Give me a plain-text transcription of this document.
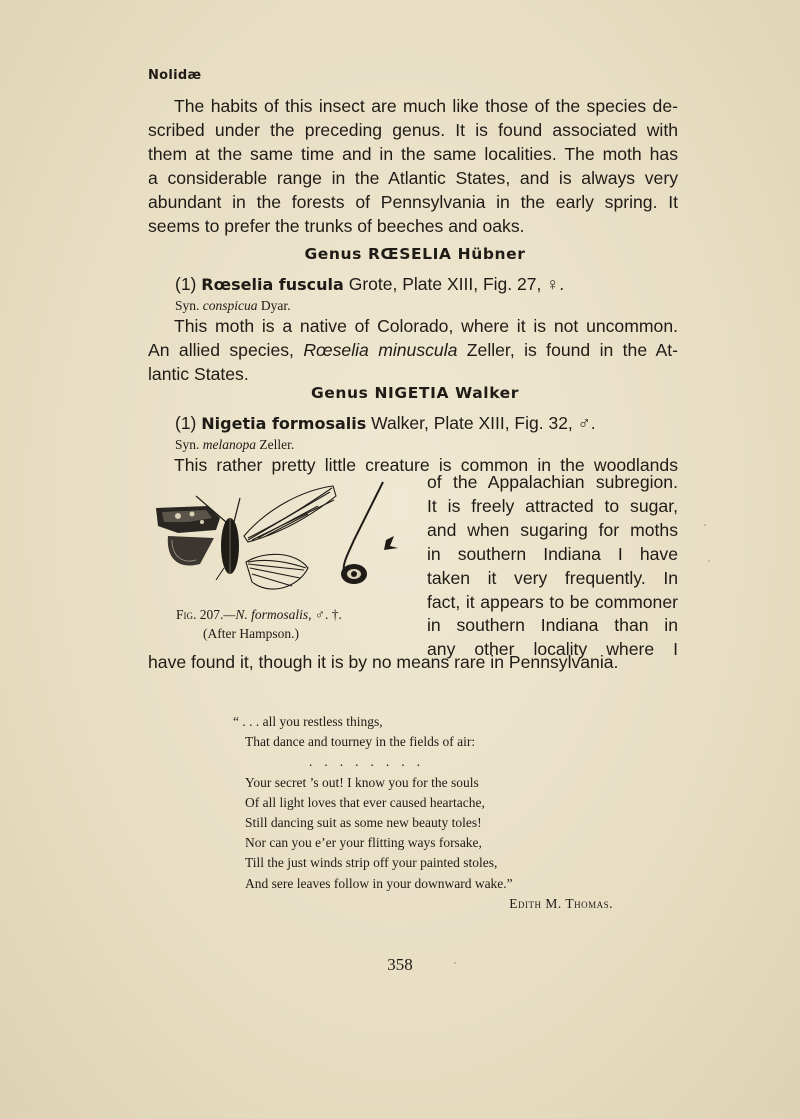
Nolidæ
The habits of this insect are much like those of the species de-
scribed under the preceding genus. It is found associated with
them at the same time and in the same localities. The moth has
a considerable range in the Atlantic States, and is always very
abundant in the forests of Pennsylvania in the early spring. It
seems to prefer the trunks of beeches and oaks.
Genus RŒSELIA Hübner
(1) Rœselia fuscula Grote, Plate XIII, Fig. 27, ♀.
Syn. conspicua Dyar.
This moth is a native of Colorado, where it is not uncommon.
An allied species, Rœselia minuscula Zeller, is found in the At-
lantic States.
Genus NIGETIA Walker
(1) Nigetia formosalis Walker, Plate XIII, Fig. 32, ♂.
Syn. melanopa Zeller.
This rather pretty little creature is common in the woodlands
Fig. 207.—N. formosalis, ♂. †.
(After Hampson.)
of the Appalachian subregion.
It is freely attracted to sugar,
and when sugaring for moths
in southern Indiana I have
taken it very frequently. In
fact, it appears to be commoner
in southern Indiana than in
any other locality where I
have found it, though it is by no means rare in Pennsylvania.
“ . . . all you restless things,
That dance and tourney in the fields of air:
........
Your secret ’s out! I know you for the souls
Of all light loves that ever caused heartache,
Still dancing suit as some new beauty toles!
Nor can you e’er your flitting ways forsake,
Till the just winds strip off your painted stoles,
And sere leaves follow in your downward wake.”
Edith M. Thomas.
358
